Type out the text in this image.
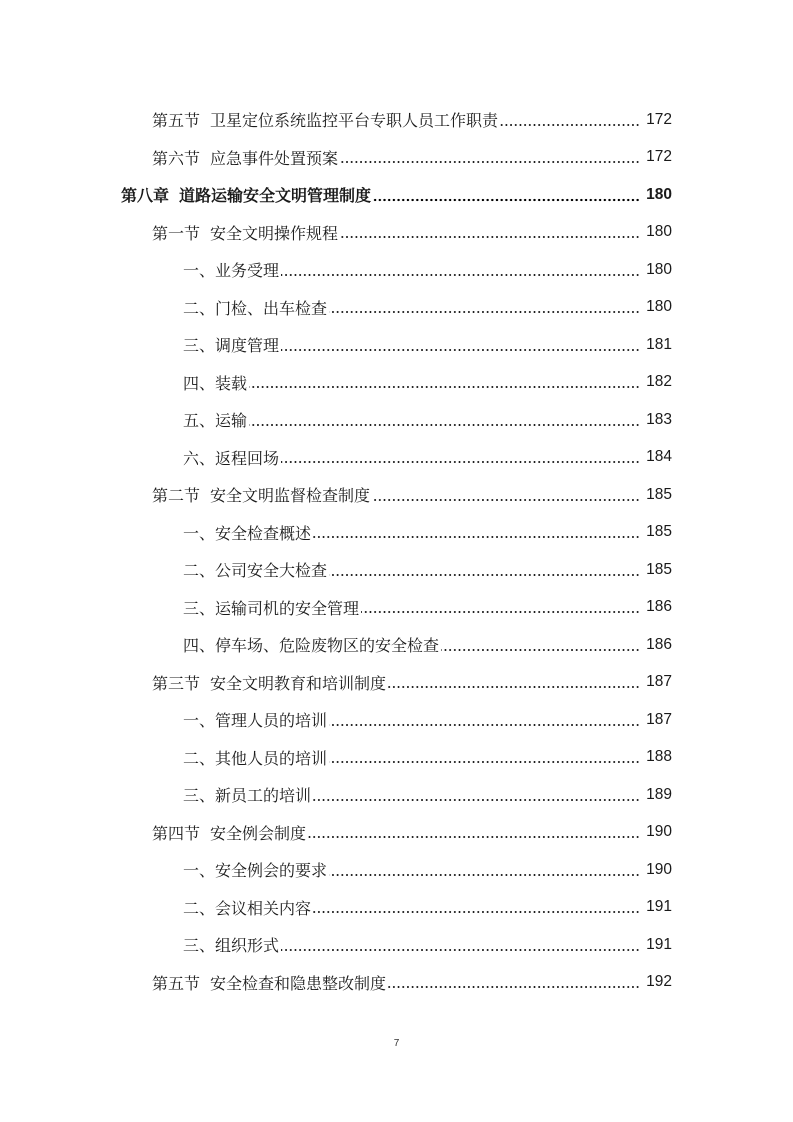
第五节 卫星定位系统监控平台专职人员工作职责	172
第六节 应急事件处置预案	172
第八章 道路运输安全文明管理制度	180
第一节 安全文明操作规程	180
一、业务受理	180
二、门检、出车检查	180
三、调度管理	181
四、装载	182
五、运输	183
六、返程回场	184
第二节 安全文明监督检查制度	185
一、安全检查概述	185
二、公司安全大检查	185
三、运输司机的安全管理	186
四、停车场、危险废物区的安全检查	186
第三节 安全文明教育和培训制度	187
一、管理人员的培训	187
二、其他人员的培训	188
三、新员工的培训	189
第四节 安全例会制度	190
一、安全例会的要求	190
二、会议相关内容	191
三、组织形式	191
第五节 安全检查和隐患整改制度	192
7
